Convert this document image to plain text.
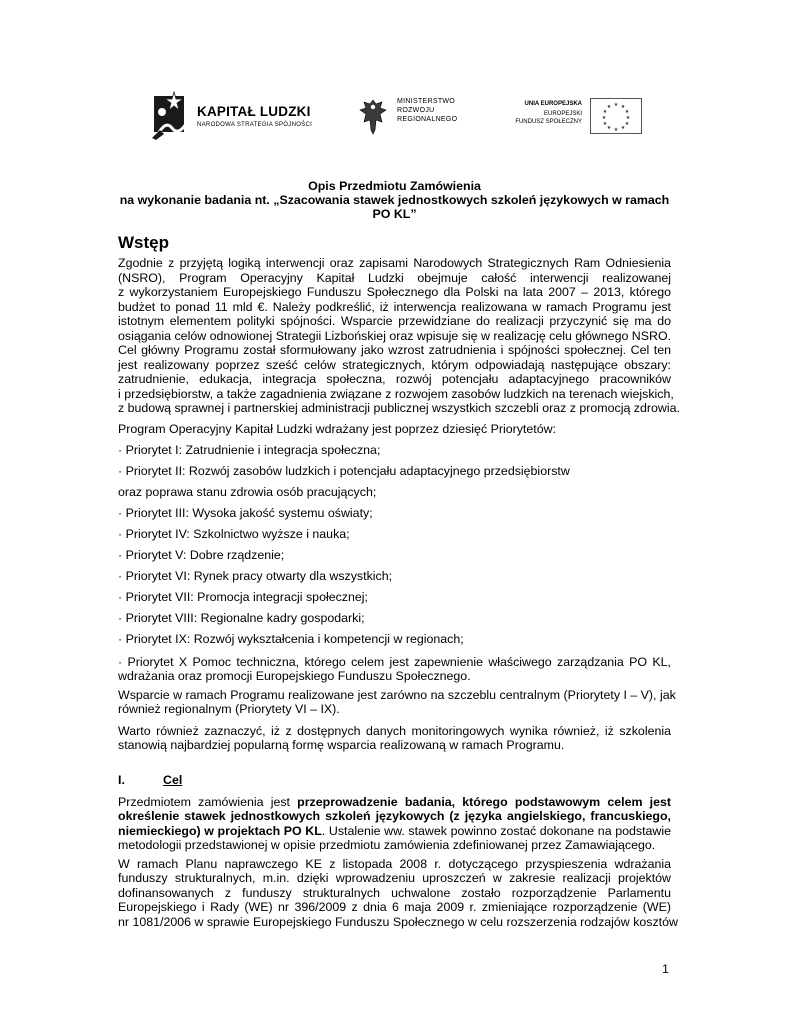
KAPITAŁ LUDZKI
NARODOWA STRATEGIA SPÓJNOŚCI
MINISTERSTWO
ROZWOJU
REGIONALNEGO
UNIA EUROPEJSKA
EUROPEJSKI
FUNDUSZ SPOŁECZNY
★ ★
★
★
★
★
★
★
★
★
★
★
Opis Przedmiotu Zamówienia
na wykonanie badania nt. „Szacowania stawek jednostkowych szkoleń językowych w ramach
PO KL”
Wstęp
Zgodnie z przyjętą logiką interwencji oraz zapisami Narodowych Strategicznych Ram Odniesienia
(NSRO), Program Operacyjny Kapitał Ludzki obejmuje całość interwencji realizowanej
z wykorzystaniem Europejskiego Funduszu Społecznego dla Polski na lata 2007 – 2013, którego
budżet to ponad 11 mld €. Należy podkreślić, iż interwencja realizowana w ramach Programu jest
istotnym elementem polityki spójności. Wsparcie przewidziane do realizacji przyczynić się ma do
osiągania celów odnowionej Strategii Lizbońskiej oraz wpisuje się w realizację celu głównego NSRO.
Cel główny Programu został sformułowany jako wzrost zatrudnienia i spójności społecznej. Cel ten
jest realizowany poprzez sześć celów strategicznych, którym odpowiadają następujące obszary:
zatrudnienie, edukacja, integracja społeczna, rozwój potencjału adaptacyjnego pracowników
i przedsiębiorstw, a także zagadnienia związane z rozwojem zasobów ludzkich na terenach wiejskich,
z budową sprawnej i partnerskiej administracji publicznej wszystkich szczebli oraz z promocją zdrowia.
Program Operacyjny Kapitał Ludzki wdrażany jest poprzez dziesięć Priorytetów:
· Priorytet I: Zatrudnienie i integracja społeczna;
· Priorytet II: Rozwój zasobów ludzkich i potencjału adaptacyjnego przedsiębiorstw
oraz poprawa stanu zdrowia osób pracujących;
· Priorytet III: Wysoka jakość systemu oświaty;
· Priorytet IV: Szkolnictwo wyższe i nauka;
· Priorytet V: Dobre rządzenie;
· Priorytet VI: Rynek pracy otwarty dla wszystkich;
· Priorytet VII: Promocja integracji społecznej;
· Priorytet VIII: Regionalne kadry gospodarki;
· Priorytet IX: Rozwój wykształcenia i kompetencji w regionach;
· Priorytet X Pomoc techniczna, którego celem jest zapewnienie właściwego zarządzania PO KL,
wdrażania oraz promocji Europejskiego Funduszu Społecznego.
Wsparcie w ramach Programu realizowane jest zarówno na szczeblu centralnym (Priorytety I – V), jak
również regionalnym (Priorytety VI – IX).
Warto również zaznaczyć, iż z dostępnych danych monitoringowych wynika również, iż szkolenia
stanowią najbardziej popularną formę wsparcia realizowaną w ramach Programu.
I.	Cel
Przedmiotem zamówienia jest przeprowadzenie badania, którego podstawowym celem jest
określenie stawek jednostkowych szkoleń językowych (z języka angielskiego, francuskiego,
niemieckiego) w projektach PO KL. Ustalenie ww. stawek powinno zostać dokonane na podstawie
metodologii przedstawionej w opisie przedmiotu zamówienia zdefiniowanej przez Zamawiającego.
W ramach Planu naprawczego KE z listopada 2008 r. dotyczącego przyspieszenia wdrażania
funduszy strukturalnych, m.in. dzięki wprowadzeniu uproszczeń w zakresie realizacji projektów
dofinansowanych z funduszy strukturalnych uchwalone zostało rozporządzenie Parlamentu
Europejskiego i Rady (WE) nr 396/2009 z dnia 6 maja 2009 r. zmieniające rozporządzenie (WE)
nr 1081/2006 w sprawie Europejskiego Funduszu Społecznego w celu rozszerzenia rodzajów kosztów
1
